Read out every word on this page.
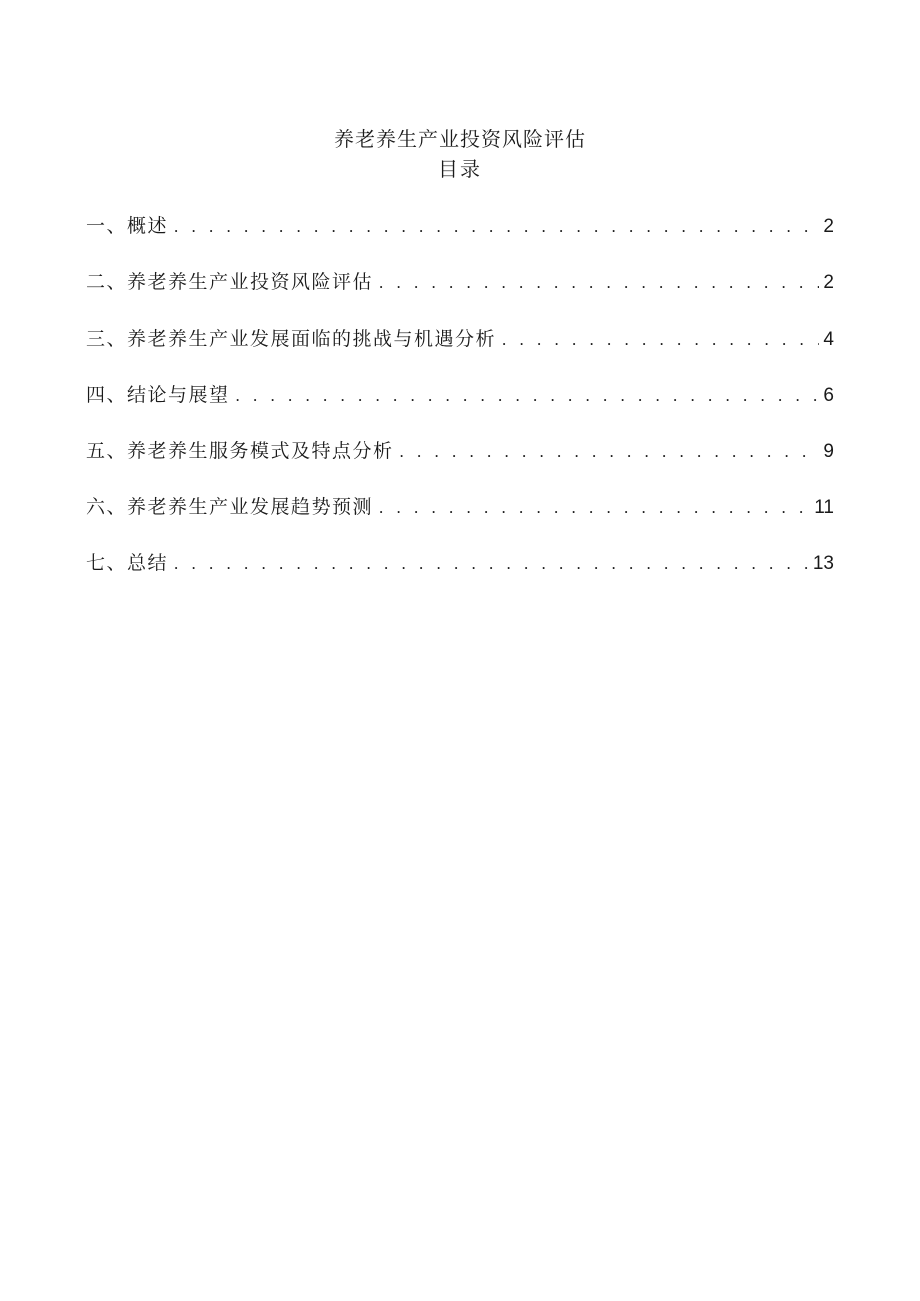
养老养生产业投资风险评估
目录
一、概述 . . .	2
二、养老养生产业投资风险评估 . . .	2
三、养老养生产业发展面临的挑战与机遇分析 . . .	4
四、结论与展望 . . .	6
五、养老养生服务模式及特点分析 . . .	9
六、养老养生产业发展趋势预测 . . .	11
七、总结 . . .	13
